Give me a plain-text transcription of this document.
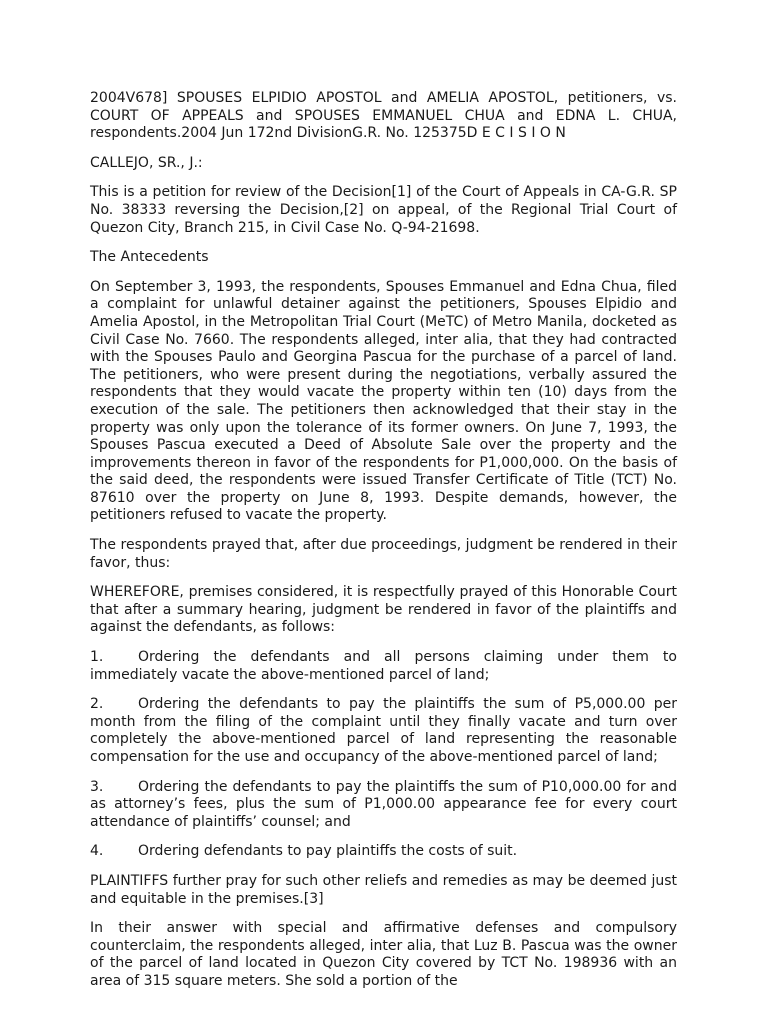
2004V678] SPOUSES ELPIDIO APOSTOL and AMELIA APOSTOL, petitioners, vs. COURT OF APPEALS and SPOUSES EMMANUEL CHUA and EDNA L. CHUA, respondents.2004 Jun 172nd DivisionG.R. No. 125375D E C I S I O N

CALLEJO, SR., J.:

This is a petition for review of the Decision[1] of the Court of Appeals in CA-G.R. SP No. 38333 reversing the Decision,[2] on appeal, of the Regional Trial Court of Quezon City, Branch 215, in Civil Case No. Q-94-21698.

The Antecedents

On September 3, 1993, the respondents, Spouses Emmanuel and Edna Chua, filed a complaint for unlawful detainer against the petitioners, Spouses Elpidio and Amelia Apostol, in the Metropolitan Trial Court (MeTC) of Metro Manila, docketed as Civil Case No. 7660. The respondents alleged, inter alia, that they had contracted with the Spouses Paulo and Georgina Pascua for the purchase of a parcel of land. The petitioners, who were present during the negotiations, verbally assured the respondents that they would vacate the property within ten (10) days from the execution of the sale. The petitioners then acknowledged that their stay in the property was only upon the tolerance of its former owners. On June 7, 1993, the Spouses Pascua executed a Deed of Absolute Sale over the property and the improvements thereon in favor of the respondents for P1,000,000. On the basis of the said deed, the respondents were issued Transfer Certificate of Title (TCT) No. 87610 over the property on June 8, 1993. Despite demands, however, the petitioners refused to vacate the property.

The respondents prayed that, after due proceedings, judgment be rendered in their favor, thus:

WHEREFORE, premises considered, it is respectfully prayed of this Honorable Court that after a summary hearing, judgment be rendered in favor of the plaintiffs and against the defendants, as follows:

1. Ordering the defendants and all persons claiming under them to immediately vacate the above-mentioned parcel of land;

2. Ordering the defendants to pay the plaintiffs the sum of P5,000.00 per month from the filing of the complaint until they finally vacate and turn over completely the above-mentioned parcel of land representing the reasonable compensation for the use and occupancy of the above-mentioned parcel of land;

3. Ordering the defendants to pay the plaintiffs the sum of P10,000.00 for and as attorney’s fees, plus the sum of P1,000.00 appearance fee for every court attendance of plaintiffs’ counsel; and

4. Ordering defendants to pay plaintiffs the costs of suit.

PLAINTIFFS further pray for such other reliefs and remedies as may be deemed just and equitable in the premises.[3]

In their answer with special and affirmative defenses and compulsory counterclaim, the respondents alleged, inter alia, that Luz B. Pascua was the owner of the parcel of land located in Quezon City covered by TCT No. 198936 with an area of 315 square meters. She sold a portion of the
